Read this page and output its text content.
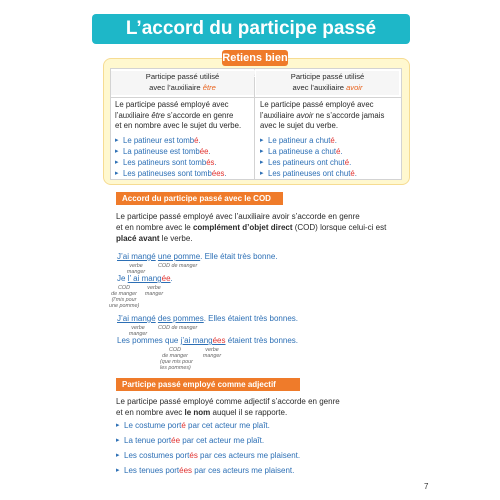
L’accord du participe passé
Participe passé utilisé
avec l’auxiliaire être
Participe passé utilisé
avec l’auxiliaire avoir
Le participe passé employé avec
l’auxiliaire être s’accorde en genre
et en nombre avec le sujet du verbe.
▸ Le patineur est tombé.
▸ La patineuse est tombée.
▸ Les patineurs sont tombés.
▸ Les patineuses sont tombées.
Le participe passé employé avec
l’auxiliaire avoir ne s’accorde jamais
avec le sujet du verbe.
▸ Le patineur a chuté.
▸ La patineuse a chuté.
▸ Les patineurs ont chuté.
▸ Les patineuses ont chuté.
Retiens bien !
Accord du participe passé avec le COD
Le participe passé employé avec l’auxiliaire avoir s’accorde en genre
et en nombre avec le complément d’objet direct (COD) lorsque celui-ci est
placé avant le verbe.
J’ai mangé une pomme. Elle était très bonne.
verbe
manger
COD de manger
Je l’ ai mangée.
COD
de manger
(l’mis pour
une pomme)
verbe
manger
J’ai mangé des pommes. Elles étaient très bonnes.
verbe
manger
COD de manger
Les pommes que j’ai mangées étaient très bonnes.
COD
de manger
(que mis pour
les pommes)
verbe
manger
Participe passé employé comme adjectif
Le participe passé employé comme adjectif s’accorde en genre
et en nombre avec le nom auquel il se rapporte.
▸ Le costume porté par cet acteur me plaît.
▸ La tenue portée par cet acteur me plaît.
▸ Les costumes portés par ces acteurs me plaisent.
▸ Les tenues portées par ces acteurs me plaisent.
7
